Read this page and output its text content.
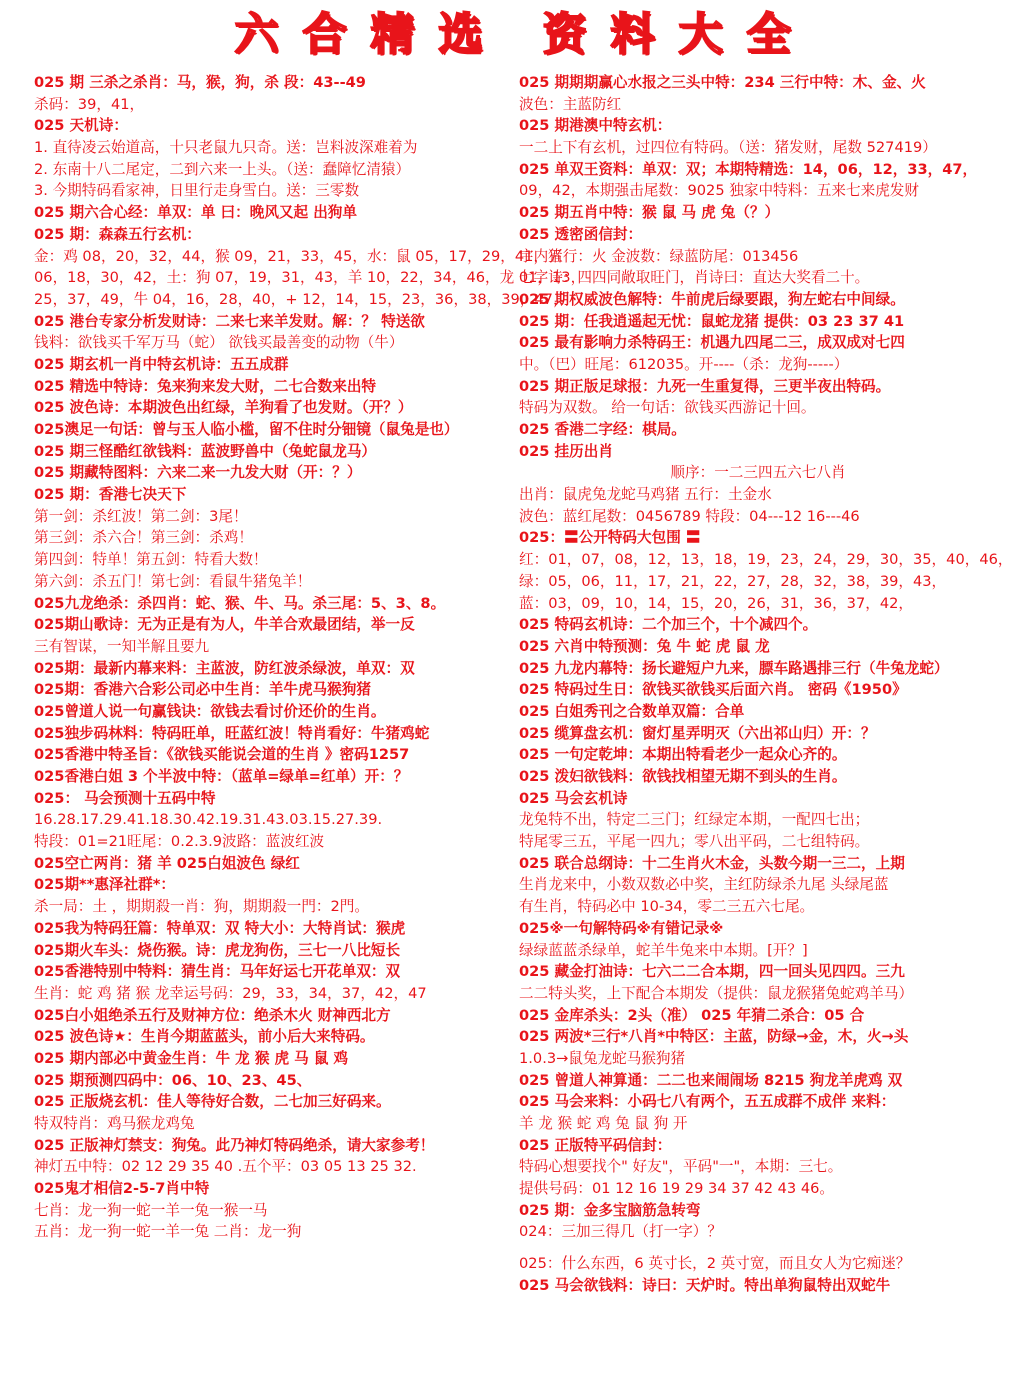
六 合 精 选 资 料 大 全
025 期 三杀之杀肖：马，猴，狗，杀 段：43--49
杀码：39，41，
025 天机诗：
1. 直待凌云始道高，十只老鼠九只奇。送：岂料波深难着为
2. 东南十八二尾定，二到六来一上头。（送：蠢障忆清猿）
3. 今期特码看家神，日里行走身雪白。送：三零数
025 期六合心经：单双：单 曰：晚风又起 出狗单
025 期：森森五行玄机：
金：鸡 08，20，32，44，猴 09，21，33，45，水：鼠 05，17，29，41，猪
06，18，30，42，土：狗 07，19，31，43，羊 10，22，34，46，龙 01，13，
25，37，49，牛 04，16，28，40，+ 12，14，15，23，36，38，39，47，
025 港台专家分析发财诗：二来七来羊发财。解：？ 特送欲
钱料：欲钱买千军万马（蛇） 欲钱买最善变的动物（牛）
025 期玄机一肖中特玄机诗：五五成群
025 精选中特诗：兔来狗来发大财，二七合数来出特
025 波色诗：本期波色出红绿，羊狗看了也发财。（开？）
025澳足一句话：曾与玉人临小槛，留不住时分钿镜（鼠兔是也）
025 期三怪酷红欲钱料：蓝波野兽中（兔蛇鼠龙马）
025 期藏特图料：六来二来一九发大财（开：？）
025 期：香港七决天下
第一剑：杀红波！第二剑：3尾！
第三剑：杀六合！第三剑：杀鸡！
第四剑：特单！第五剑：特看大数！
第六剑：杀五门！第七剑：看鼠牛猪兔羊！
025九龙绝杀：杀四肖：蛇、猴、牛、马。杀三尾：5、3、8。
025期山歌诗：无为正是有为人，牛羊合欢最团结，举一反
三有智谋，一知半解且要九
025期：最新内幕来料：主蓝波，防红波杀绿波，单双：双
025期：香港六合彩公司必中生肖：羊牛虎马猴狗猪
025曾道人说一句赢钱诀：欲钱去看讨价还价的生肖。
025独步码林料：特码旺单，旺蓝红波！特肖看好：牛猪鸡蛇
025香港中特圣旨：《欲钱买能说会道的生肖 》密码1257
025香港白姐 3 个半波中特：（蓝单=绿单=红单）开：？
025： 马会预测十五码中特
16.28.17.29.41.18.30.42.19.31.43.03.15.27.39.
特段：01=21旺尾：0.2.3.9波路：蓝波红波
025空亡两肖：猪 羊 025白姐波色 绿红
025期**惠泽社群*：
杀一局：土 ，期期殺一肖：狗，期期殺一門：2門。
025我为特码狂篇：特单双：双 特大小：大特肖试：猴虎
025期火车头：烧伤猴。诗：虎龙狗伤，三七一八比短长
025香港特别中特料：猜生肖：马年好运七开花单双：双
生肖：蛇 鸡 猪 猴 龙幸运号码：29，33，34，37，42，47
025白小姐绝杀五行及财神方位：绝杀木火 财神西北方
025 波色诗★：生肖今期蓝蓝头，前小后大来特码。
025 期内部必中黄金生肖：牛 龙 猴 虎 马 鼠 鸡
025 期预测四码中：06、10、23、45、
025 正版烧玄机：佳人等待好合数，二七加三好码来。
特双特肖：鸡马猴龙鸡兔
025 正版神灯禁支：狗兔。此乃神灯特码绝杀，请大家参考！
神灯五中特：02 12 29 35 40 .五个平：03 05 13 25 32.
025鬼才相信2-5-7肖中特
七肖：龙一狗一蛇一羊一兔一猴一马
五肖：龙一狗一蛇一羊一兔 二肖：龙一狗
025 期期期赢心水报之三头中特：234 三行中特：木、金、火
波色：主蓝防红
025 期港澳中特玄机：
一二上下有玄机，过四位有特码。（送：猪发财，尾数 527419）
025 单双王资料：单双：双；本期特精选：14，06，12，33，47，
09，42，本期强击尾数：9025 独家中特料：五来七来虎发财
025 期五肖中特：猴 鼠 马 虎 兔（？）
025 透密函信封：
宇内五行：火 金波数：绿蓝防尾：013456
七字诗：四四同敞取旺门，肖诗曰：直达大奖看二十。
025 期权威波色解特：牛前虎后绿要跟，狗左蛇右中间绿。
025 期：任我逍遥起无忧：鼠蛇龙猪 提供：03 23 37 41
025 最有影响力杀特码王：机遇九四尾二三，成双成对七四
中。（巴）旺尾：612035。开----（杀：龙狗-----）
025 期正版足球报：九死一生重复得，三更半夜出特码。
特码为双数。 给一句话：欲钱买西游记十回。
025 香港二字经：棋局。
025 挂历出肖
顺序：一二三四五六七八肖
出肖：鼠虎兔龙蛇马鸡猪 五行：土金水
波色：蓝红尾数：0456789 特段：04---12 16---46
025：〓公开特码大包围 〓
红：01，07，08，12，13，18，19，23，24，29，30，35，40，46，
绿：05，06，11，17，21，22，27，28，32，38，39，43，
蓝：03，09，10，14，15，20，26，31，36，37，42，
025 特码玄机诗：二个加三个，十个减四个。
025 六肖中特预测：兔 牛 蛇 虎 鼠 龙
025 九龙内幕特：扬长避短户九来，膘车路遇排三行（牛兔龙蛇）
025 特码过生日：欲钱买欲钱买后面六肖。 密码《1950》
025 白姐秀刊之合数单双篇：合单
025 缆算盘玄机：窗灯星弄明灭（六出祁山归）开：？
025 一句定乾坤：本期出特看老少一起众心齐的。
025 泼妇欲钱料：欲钱找相望无期不到头的生肖。
025 马会玄机诗
龙兔特不出，特定二三门；红绿定本期，一配四七出；
特尾零三五，平尾一四九；零八出平码，二七组特码。
025 联合总纲诗：十二生肖火木金，头数今期一三二，上期
生肖龙来中，小数双数必中奖，主红防绿杀九尾 头绿尾蓝
有生肖，特码必中 10-34，零二三五六七尾。
025※一句解特码※有错记录※
绿绿蓝蓝杀绿单，蛇羊牛兔来中本期。[开？]
025 藏金打油诗：七六二二合本期，四一回头见四四。三九
二二特头奖，上下配合本期发（提供：鼠龙猴猪兔蛇鸡羊马）
025 金库杀头：2头（准） 025 年猜二杀合：05 合
025 两波*三行*八肖*中特区：主蓝，防绿→金，木，火→头
1.0.3→鼠兔龙蛇马猴狗猪
025 曾道人神算通：二二也来闹闹场 8215 狗龙羊虎鸡 双
025 马会来料：小码七八有两个，五五成群不成伴 来料：
羊 龙 猴 蛇 鸡 兔 鼠 狗 开
025 正版特平码信封：
特码心想要找个" 好友"，平码"一"，本期：三七。
提供号码：01 12 16 19 29 34 37 42 43 46。
025 期：金多宝脑筋急转弯
024：三加三得几（打一字）？
025：什么东西，6 英寸长，2 英寸宽，而且女人为它痴迷？
025 马会欲钱料：诗曰：天炉时。特出单狗鼠特出双蛇牛
